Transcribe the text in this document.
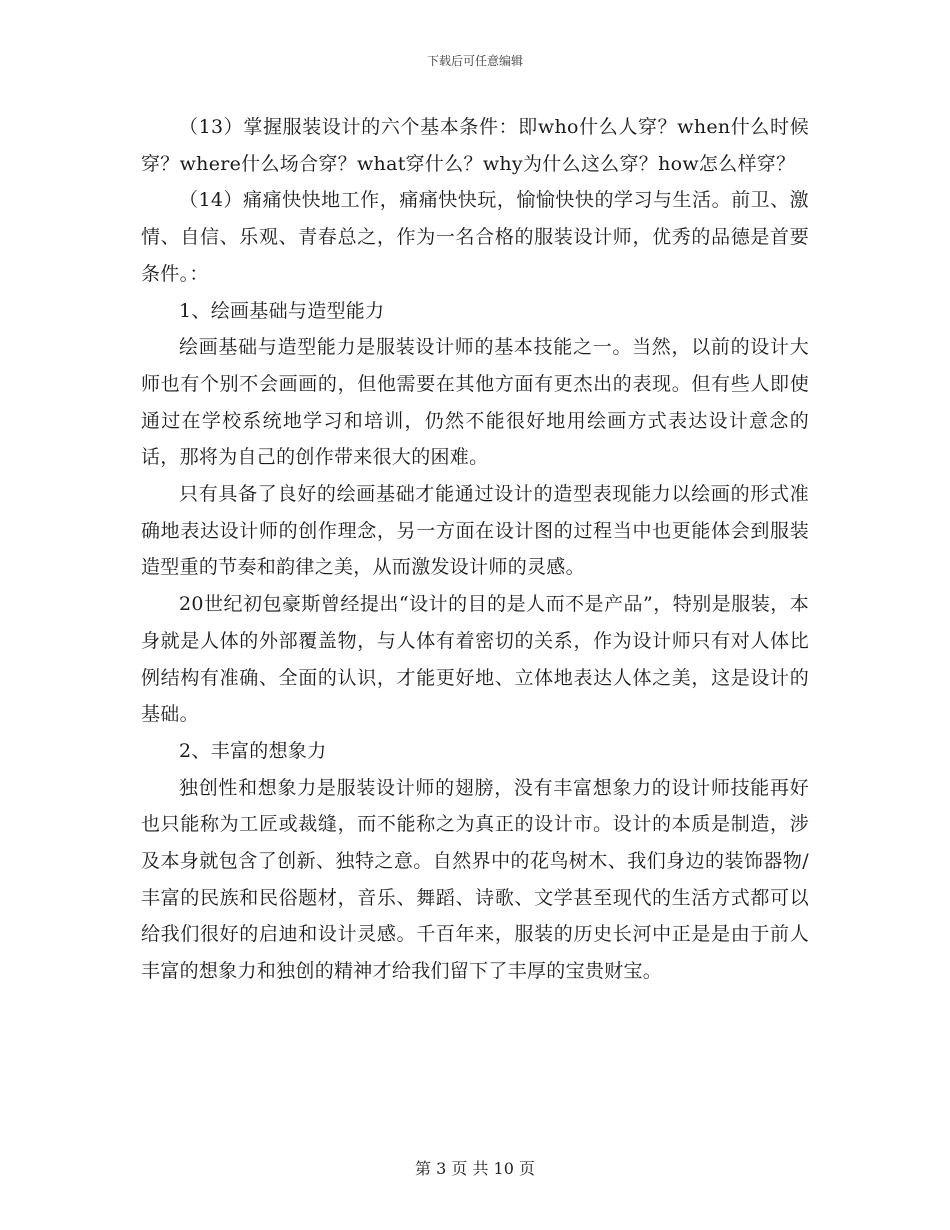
下载后可任意编辑

（13）掌握服装设计的六个基本条件：即who什么人穿？when什么时候穿？where什么场合穿？what穿什么？why为什么这么穿？how怎么样穿？

（14）痛痛快快地工作，痛痛快快玩，愉愉快快的学习与生活。前卫、激情、自信、乐观、青春总之，作为一名合格的服装设计师，优秀的品德是首要条件。：

1、绘画基础与造型能力

绘画基础与造型能力是服装设计师的基本技能之一。当然，以前的设计大师也有个别不会画画的，但他需要在其他方面有更杰出的表现。但有些人即使通过在学校系统地学习和培训，仍然不能很好地用绘画方式表达设计意念的话，那将为自己的创作带来很大的困难。

只有具备了良好的绘画基础才能通过设计的造型表现能力以绘画的形式准确地表达设计师的创作理念，另一方面在设计图的过程当中也更能体会到服装造型重的节奏和韵律之美，从而激发设计师的灵感。

20世纪初包豪斯曾经提出“设计的目的是人而不是产品”，特别是服装，本身就是人体的外部覆盖物，与人体有着密切的关系，作为设计师只有对人体比例结构有准确、全面的认识，才能更好地、立体地表达人体之美，这是设计的基础。

2、丰富的想象力

独创性和想象力是服装设计师的翅膀，没有丰富想象力的设计师技能再好也只能称为工匠或裁缝，而不能称之为真正的设计市。设计的本质是制造，涉及本身就包含了创新、独特之意。自然界中的花鸟树木、我们身边的装饰器物/丰富的民族和民俗题材，音乐、舞蹈、诗歌、文学甚至现代的生活方式都可以给我们很好的启迪和设计灵感。千百年来，服装的历史长河中正是是由于前人丰富的想象力和独创的精神才给我们留下了丰厚的宝贵财宝。

第 3 页 共 10 页
